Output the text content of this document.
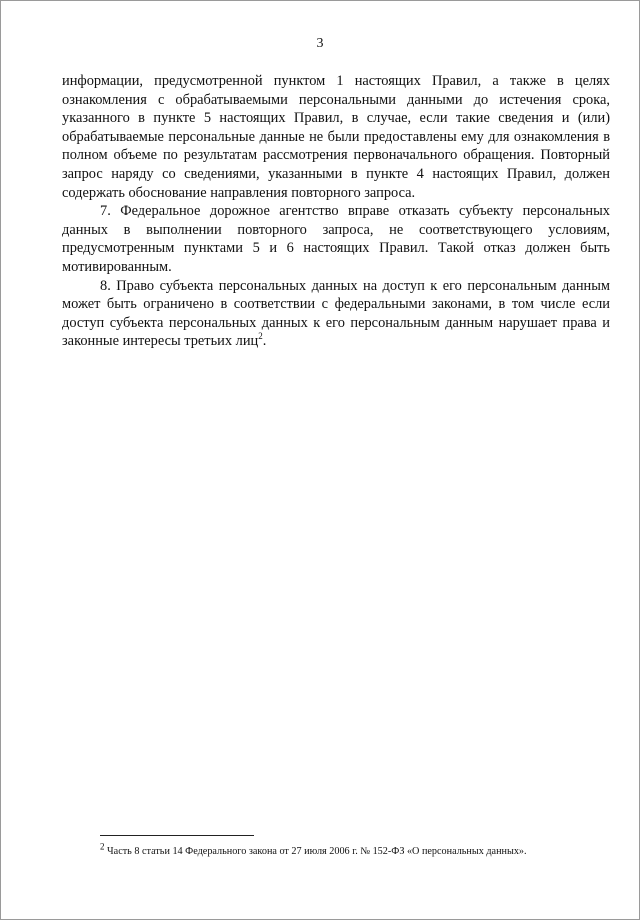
3

информации, предусмотренной пунктом 1 настоящих Правил, а также в целях ознакомления с обрабатываемыми персональными данными до истечения срока, указанного в пункте 5 настоящих Правил, в случае, если такие сведения и (или) обрабатываемые персональные данные не были предоставлены ему для ознакомления в полном объеме по результатам рассмотрения первоначального обращения. Повторный запрос наряду со сведениями, указанными в пункте 4 настоящих Правил, должен содержать обоснование направления повторного запроса.

7. Федеральное дорожное агентство вправе отказать субъекту персональных данных в выполнении повторного запроса, не соответствующего условиям, предусмотренным пунктами 5 и 6 настоящих Правил. Такой отказ должен быть мотивированным.

8. Право субъекта персональных данных на доступ к его персональным данным может быть ограничено в соответствии с федеральными законами, в том числе если доступ субъекта персональных данных к его персональным данным нарушает права и законные интересы третьих лиц$^2$.

$^2$ Часть 8 статьи 14 Федерального закона от 27 июля 2006 г. № 152-ФЗ «О персональных данных».
